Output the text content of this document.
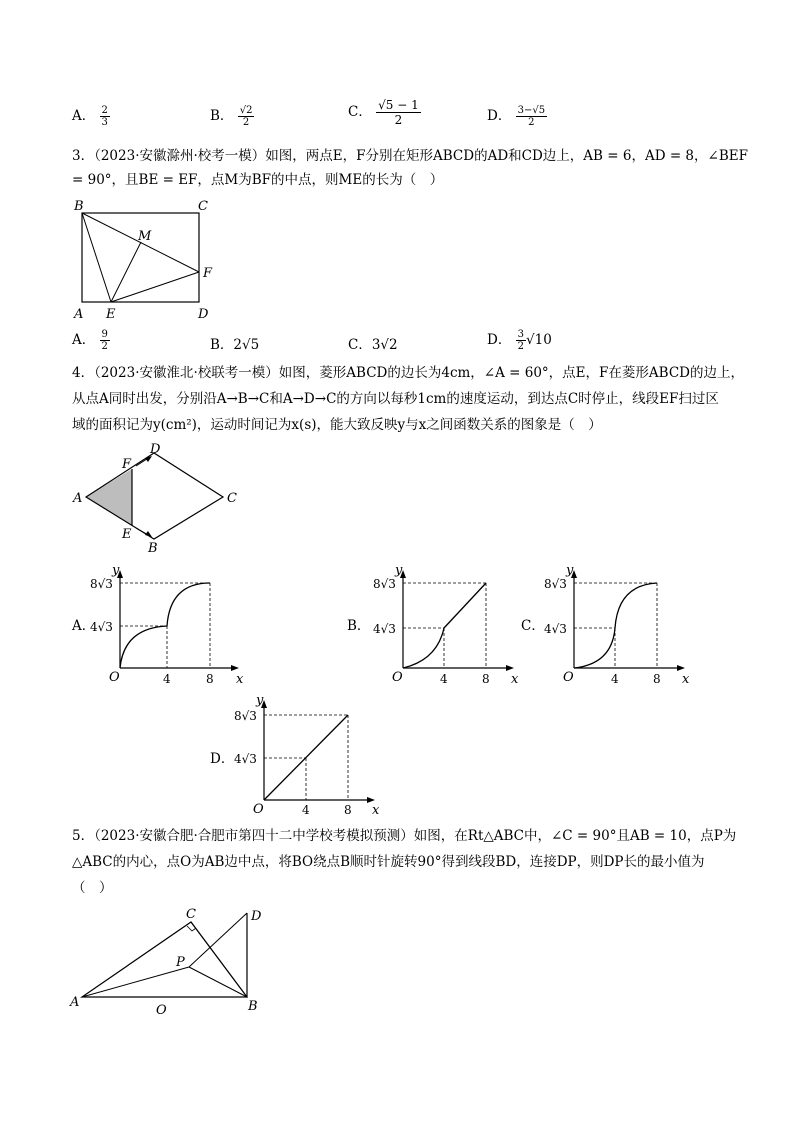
A． $\frac{2}{3}$	B． $\frac{√2}{2}$	C． $\frac{√5 - 1}{2}$	D． $\frac{3-√5}{2}$
3．（2023·安徽滁州·校考一模）如图，两点E，F分别在矩形ABCD的AD和CD边上，AB = 6，AD = 8，∠BEF
= 90°，且BE = EF，点M为BF的中点，则ME的长为（　）
B	C
M
F
A E	D
A． $\frac{9}{2}$	B．2√5	C．3√2	D． $\frac{3}{2} √10$
4．（2023·安徽淮北·校联考一模）如图，菱形ABCD的边长为4cm，∠A = 60°，点E，F在菱形ABCD的边上，
从点A同时出发，分别沿A→B→C和A→D→C的方向以每秒1cm的速度运动，到达点C时停止，线段EF扫过区
域的面积记为y(cm²)，运动时间记为x(s)，能大致反映y与x之间函数关系的图象是（　）
A
D
F
C
E
B
A．
y
x
O
8√3
4√3
4	8
B．
y
x
O
8√3
4√3
4	8
C．
y
x
O
8√3
4√3
4	8
D．
y
x
O
8√3
4√3
4	8
5．（2023·安徽合肥·合肥市第四十二中学校考模拟预测）如图，在Rt△ABC中，∠C = 90°且AB = 10，点P为
△ABC的内心，点O为AB边中点，将BO绕点B顺时针旋转90°得到线段BD，连接DP，则DP长的最小值为
（　）
C	D
P
A
O	B
